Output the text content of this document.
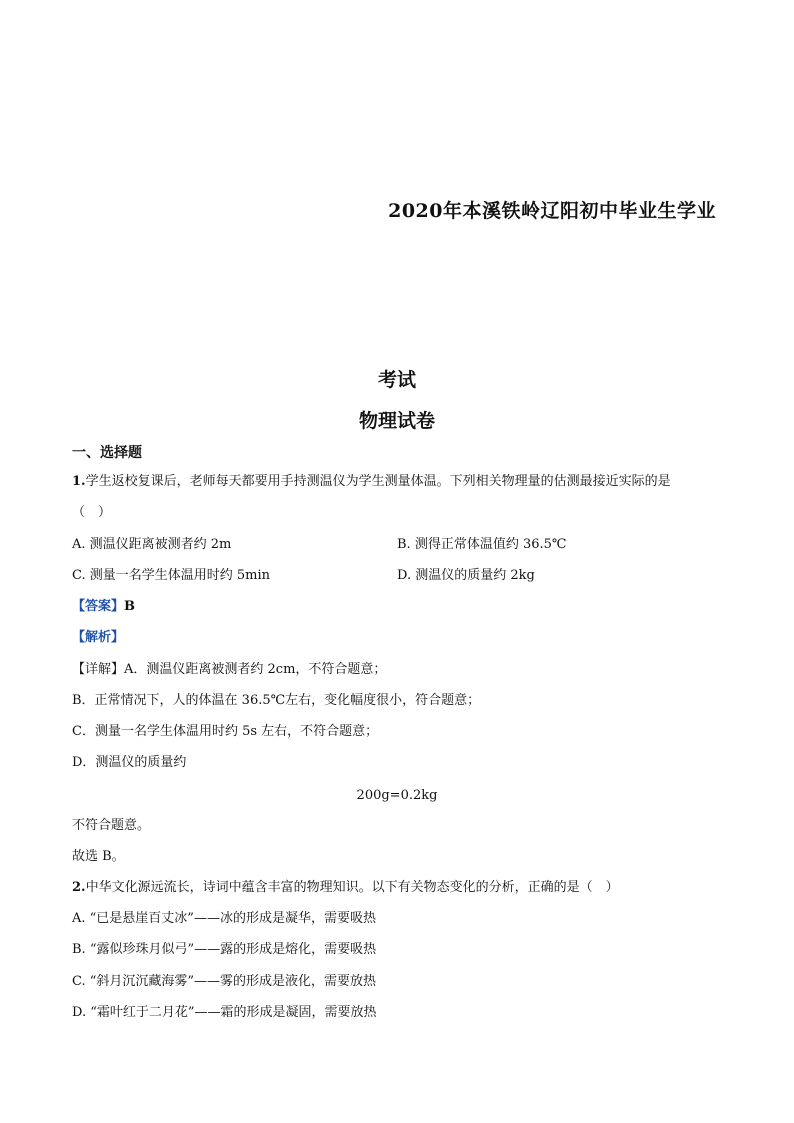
2020年本溪铁岭辽阳初中毕业生学业
考试
物理试卷
一、选择题
1.学生返校复课后，老师每天都要用手持测温仪为学生测量体温。下列相关物理量的估测最接近实际的是
（　）
A. 测温仪距离被测者约 2m	B. 测得正常体温值约 36.5℃
C. 测量一名学生体温用时约 5min	D. 测温仪的质量约 2kg
【答案】B
【解析】
【详解】A．测温仪距离被测者约 2cm，不符合题意；
B．正常情况下，人的体温在 36.5℃左右，变化幅度很小，符合题意；
C．测量一名学生体温用时约 5s 左右，不符合题意；
D．测温仪的质量约
200g=0.2kg
不符合题意。
故选 B。
2.中华文化源远流长，诗词中蕴含丰富的物理知识。以下有关物态变化的分析，正确的是（　）
A. “已是悬崖百丈冰”——冰的形成是凝华，需要吸热
B. “露似珍珠月似弓”——露的形成是熔化，需要吸热
C. “斜月沉沉藏海雾”——雾的形成是液化，需要放热
D. “霜叶红于二月花”——霜的形成是凝固，需要放热
